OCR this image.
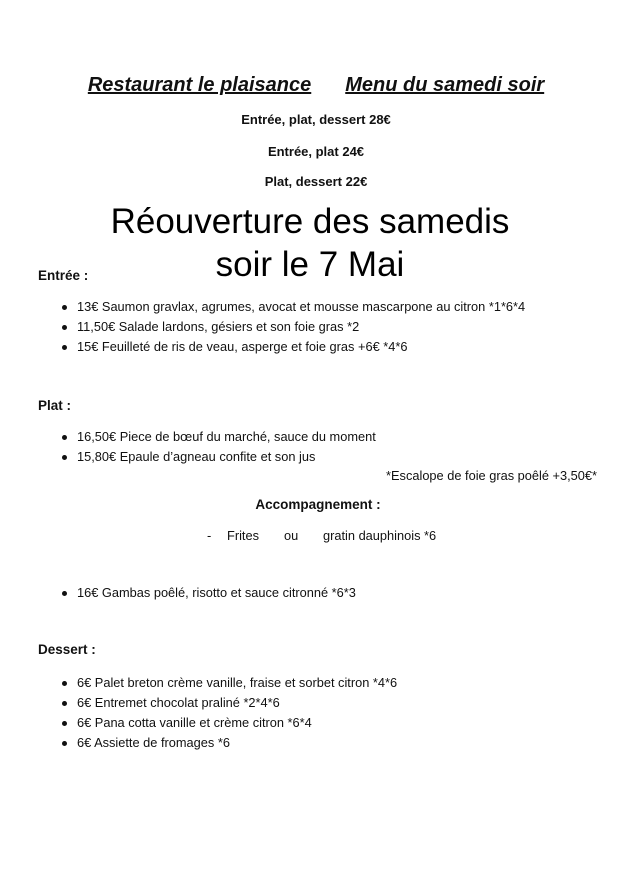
Restaurant le plaisance Menu du samedi soir
Entrée, plat, dessert 28€
Entrée, plat 24€
Plat, dessert 22€
Réouverture des samedis
soir le 7 Mai
Entrée :
13€ Saumon gravlax, agrumes, avocat et mousse mascarpone au citron *1*6*4
11,50€ Salade lardons, gésiers et son foie gras *2
15€ Feuilleté de ris de veau, asperge et foie gras +6€ *4*6
Plat :
16,50€ Piece de bœuf du marché, sauce du moment
15,80€ Epaule d’agneau confite et son jus
*Escalope de foie gras poêlé +3,50€*
Accompagnement :
- Frites ou gratin dauphinois *6
16€ Gambas poêlé, risotto et sauce citronné *6*3
Dessert :
6€ Palet breton crème vanille, fraise et sorbet citron *4*6
6€ Entremet chocolat praliné *2*4*6
6€ Pana cotta vanille et crème citron *6*4
6€ Assiette de fromages *6
